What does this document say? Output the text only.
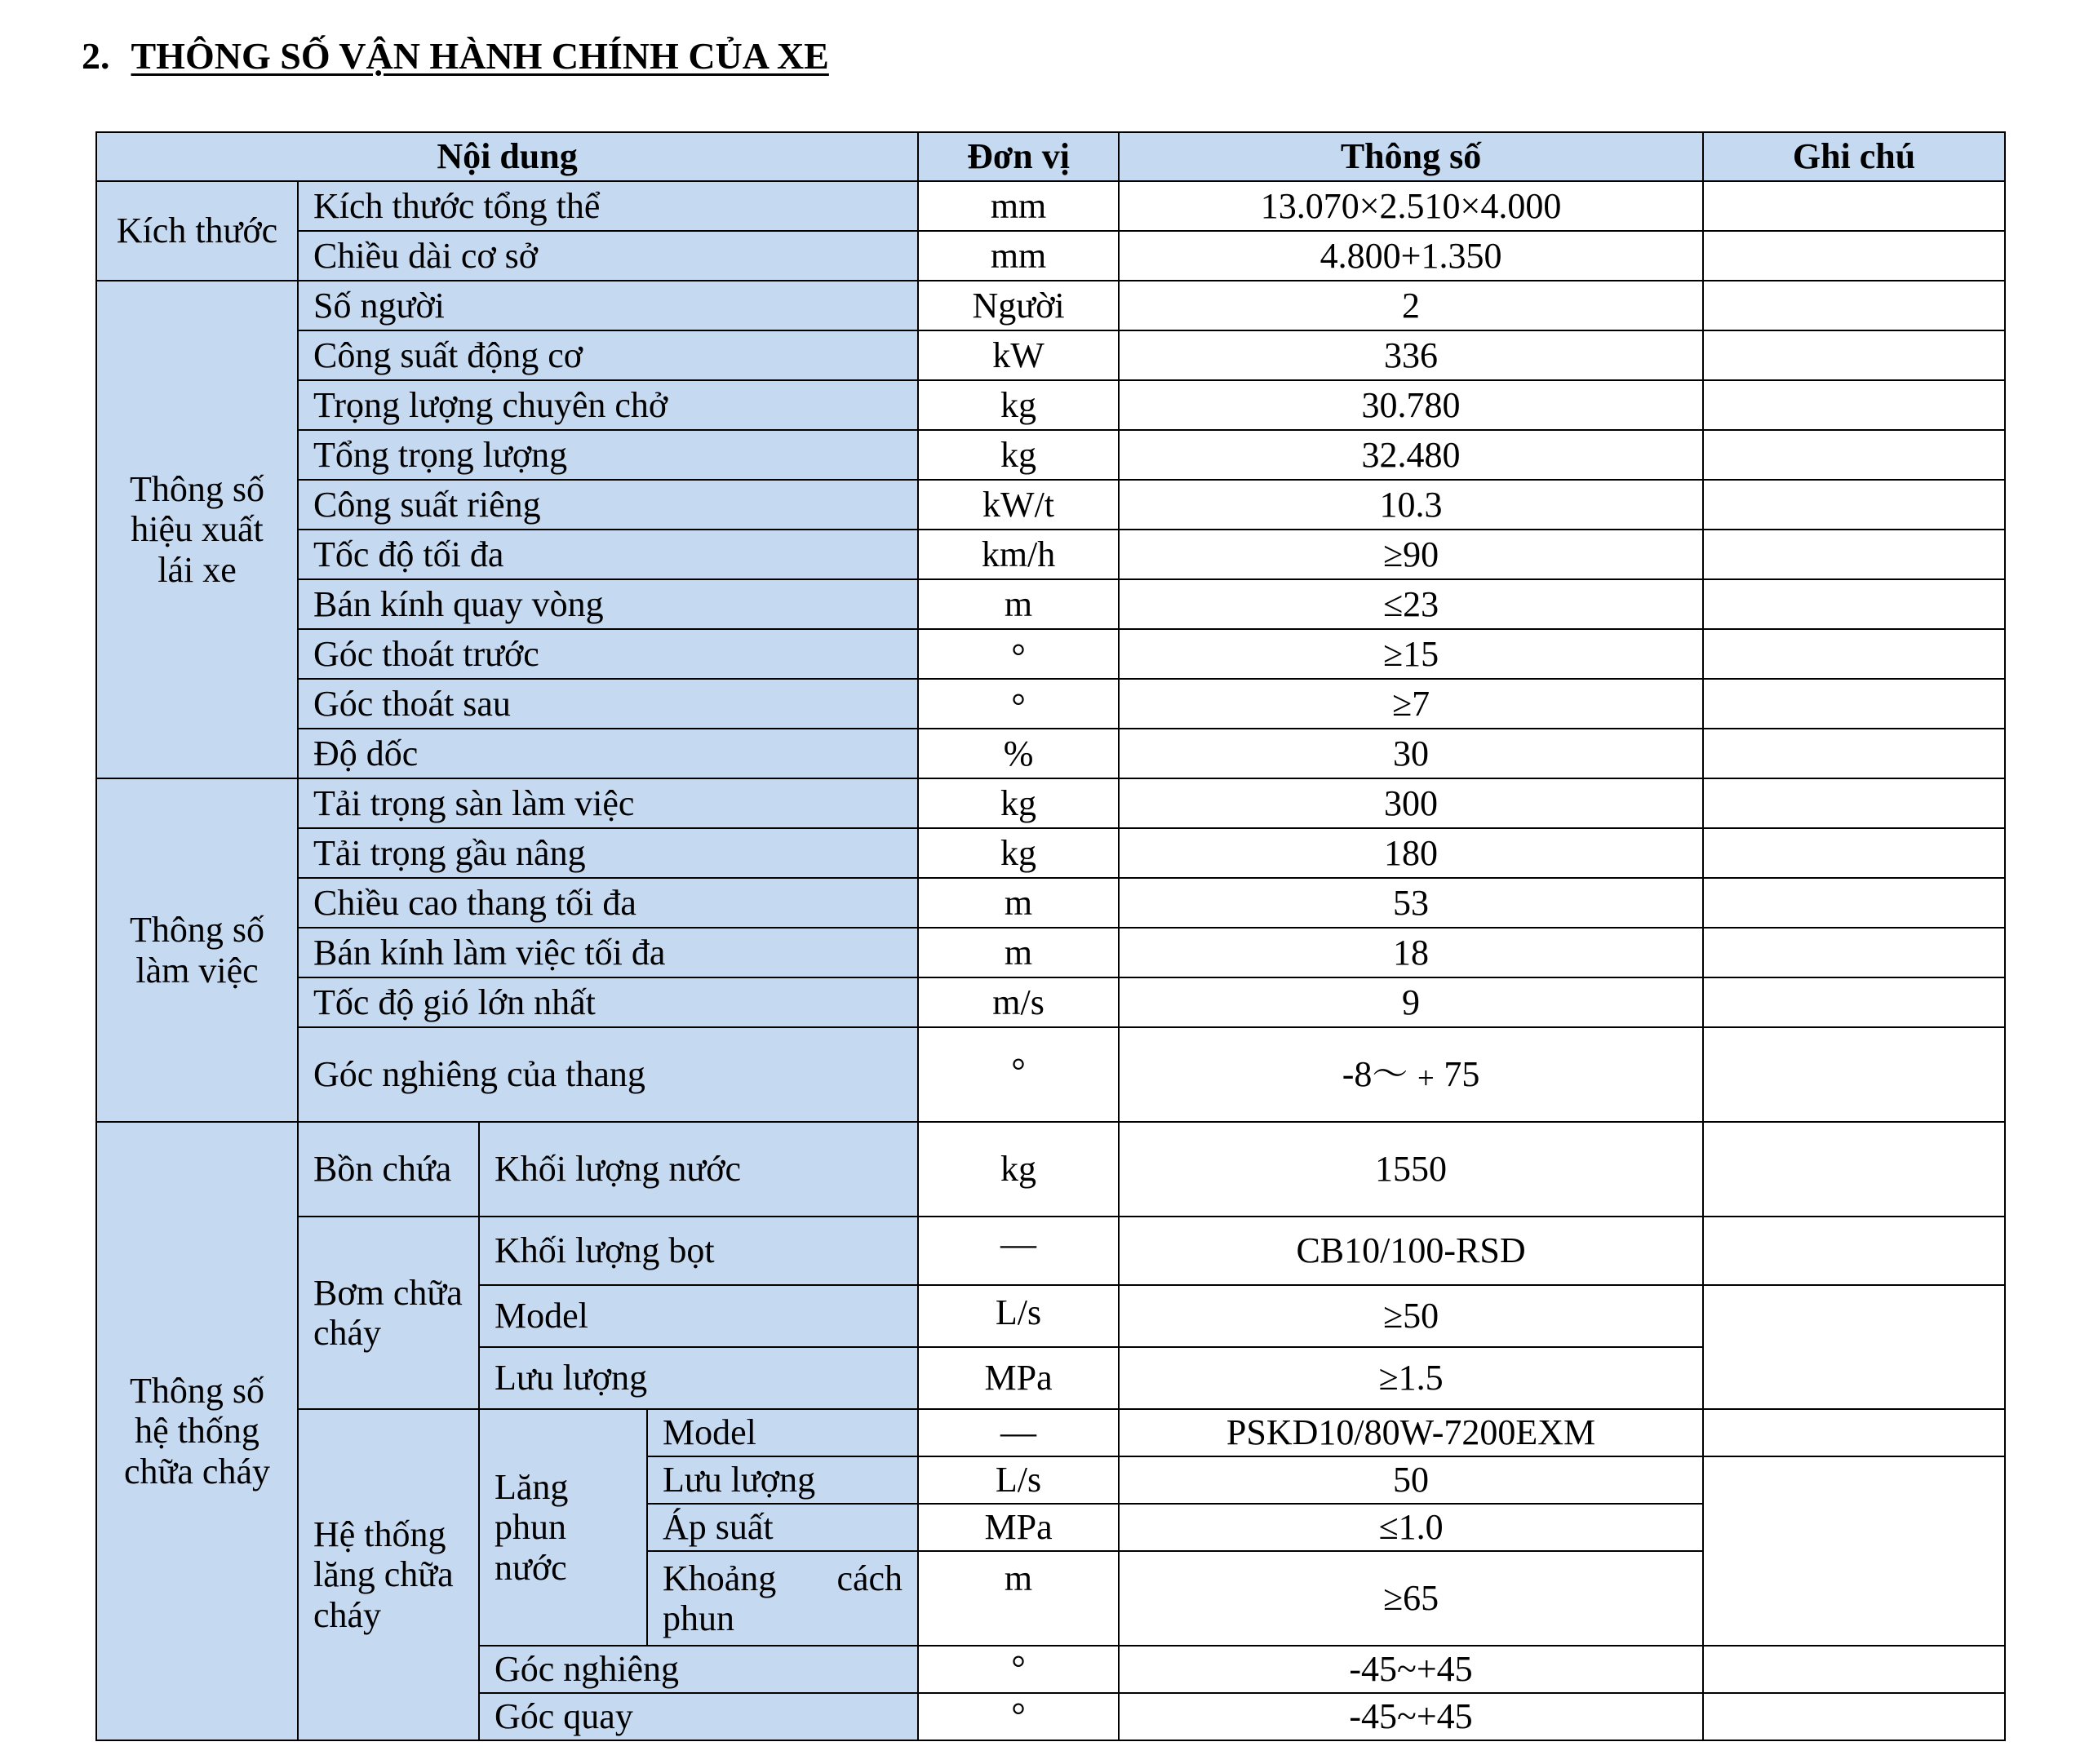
2. THÔNG SỐ VẬN HÀNH CHÍNH CỦA XE
Nội dung				Đơn vị	Thông số	Ghi chú
Kích thước	Kích thước tổng thể			mm	13.070×2.510×4.000	
	Chiều dài cơ sở			mm	4.800+1.350	
Thông số hiệu xuất lái xe	Số người			Người	2	
	Công suất động cơ			kW	336	
	Trọng lượng chuyên chở			kg	30.780	
	Tổng trọng lượng			kg	32.480	
	Công suất riêng			kW/t	10.3	
	Tốc độ tối đa			km/h	≥90	
	Bán kính quay vòng			m	≤23	
	Góc thoát trước			°	≥15	
	Góc thoát sau			°	≥7	
	Độ dốc			%	30	
Thông số làm việc	Tải trọng sàn làm việc			kg	300	
	Tải trọng gầu nâng			kg	180	
	Chiều cao thang tối đa			m	53	
	Bán kính làm việc tối đa			m	18	
	Tốc độ gió lớn nhất			m/s	9	
	Góc nghiêng của thang			°	-8～﹢75	
Thông số hệ thống chữa cháy	Bồn chứa	Khối lượng nước		kg	1550	
	Bơm chữa cháy	Khối lượng bọt		—	CB10/100-RSD	
		Model		L/s	≥50	
		Lưu lượng		MPa	≥1.5	
	Hệ thống lăng chữa cháy	Lăng phun nước	Model	—	PSKD10/80W-7200EXM	
			Lưu lượng	L/s	50	
			Áp suất	MPa	≤1.0	
			Khoảng cách phun	m	≥65	
		Góc nghiêng		°	-45~+45	
		Góc quay		°	-45~+45	
